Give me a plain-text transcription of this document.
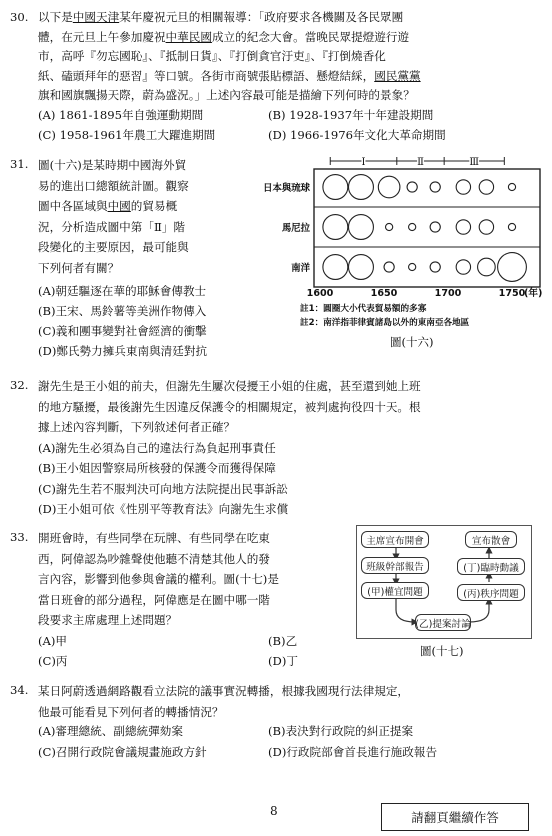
30. 以下是中國天津某年慶祝元旦的相關報導：「政府要求各機關及各民眾團
體，在元旦上午參加慶祝中華民國成立的紀念大會。當晚民眾提燈遊行遊
市，高呼『勿忘國恥』、『抵制日貨』、『打倒貪官汙吏』、『打倒燒香化
紙、磕頭拜年的惡習』等口號。各街市商號張貼標語、懸燈結綵，國民黨黨
旗和國旗飄揚天際，蔚為盛況。」上述內容最可能是描繪下列何時的景象？
(A) 1861-1895年自強運動期間	(B) 1928-1937年十年建設期間
(C) 1958-1961年農工大躍進期間	(D) 1966-1976年文化大革命期間
31. 圖(十六)是某時期中國海外貿
易的進出口總額統計圖。觀察
圖中各區域與中國的貿易概
況，分析造成圖中第「Ⅱ」階
段變化的主要原因，最可能與
下列何者有關？
(A)朝廷驅逐在華的耶穌會傳教士
(B)王宋、馬鈴薯等美洲作物傳入
(C)義和團事變對社會經濟的衝擊
(D)鄭氏勢力擁兵東南與清廷對抗
Ⅰ	Ⅱ	Ⅲ
日本與琉球
馬尼拉
南洋
1600	1650	1700	1750
(年)
註1：圓圈大小代表貿易額的多寡
註2：南洋指菲律賓諸島以外的東南亞各地區
圖(十六)
32. 謝先生是王小姐的前夫，但謝先生屢次侵擾王小姐的住處，甚至還到她上班
的地方騷擾，最後謝先生因違反保護令的相關規定，被判處拘役四十天。根
據上述內容判斷，下列敘述何者正確？
(A)謝先生必須為自己的違法行為負起刑事責任
(B)王小姐因警察局所核發的保護令而獲得保障
(C)謝先生若不服判決可向地方法院提出民事訴訟
(D)王小姐可依《性別平等教育法》向謝先生求償
33. 開班會時，有些同學在玩牌、有些同學在吃東
西，阿偉認為吵雜聲使他聽不清楚其他人的發
言內容，影響到他參與會議的權利。圖(十七)是
當日班會的部分過程，阿偉應是在圖中哪一階
段要求主席處理上述問題？
(A)甲	(B)乙
(C)丙	(D)丁
主席宣布開會
班級幹部報告
(甲)權宜問題
(乙)提案討論
(丙)秩序問題
(丁)臨時動議
宣布散會
圖(十七)
34. 某日阿蔚透過網路觀看立法院的議事實況轉播，根據我國現行法律規定，
他最可能看見下列何者的轉播情況？
(A)審理總統、副總統彈劾案	(B)表決對行政院的糾正提案
(C)召開行政院會議規畫施政方針	(D)行政院部會首長進行施政報告
8	請翻頁繼續作答
